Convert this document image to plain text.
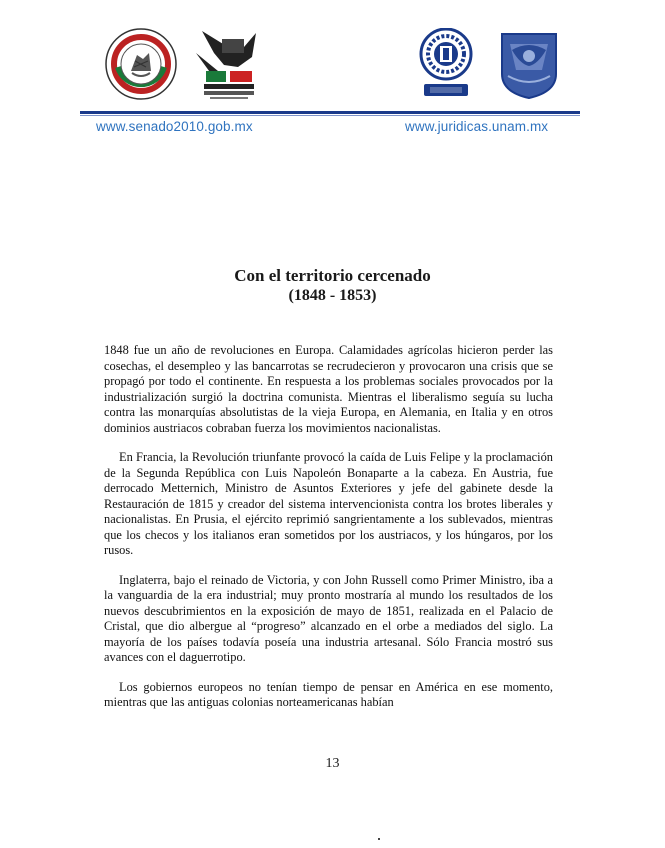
www.senado2010.gob.mx	www.juridicas.unam.mx
Con el territorio cercenado
(1848 - 1853)

1848 fue un año de revoluciones en Europa. Calamidades agrícolas hicieron perder las cosechas, el desempleo y las bancarrotas se recrudecieron y provocaron una crisis que se propagó por todo el continente. En respuesta a los problemas sociales provocados por la industrialización surgió la doctrina comunista. Mientras el liberalismo seguía su lucha contra las monarquías absolutistas de la vieja Europa, en Alemania, en Italia y en otros dominios austriacos cobraban fuerza los movimientos nacionalistas.

En Francia, la Revolución triunfante provocó la caída de Luis Felipe y la proclamación de la Segunda República con Luis Napoleón Bonaparte a la cabeza. En Austria, fue derrocado Metternich, Ministro de Asuntos Exteriores y jefe del gabinete desde la Restauración de 1815 y creador del sistema intervencionista contra los brotes liberales y nacionalistas. En Prusia, el ejército reprimió sangrientamente a los sublevados, mientras que los checos y los italianos eran sometidos por los austriacos, y los húngaros, por los rusos.

Inglaterra, bajo el reinado de Victoria, y con John Russell como Primer Ministro, iba a la vanguardia de la era industrial; muy pronto mostraría al mundo los resultados de los nuevos descubrimientos en la exposición de mayo de 1851, realizada en el Palacio de Cristal, que dio albergue al “progreso” alcanzado en el orbe a mediados del siglo. La mayoría de los países todavía poseía una industria artesanal. Sólo Francia mostró sus avances con el daguerrotipo.

Los gobiernos europeos no tenían tiempo de pensar en América en ese momento, mientras que las antiguas colonias norteamericanas habían

13
